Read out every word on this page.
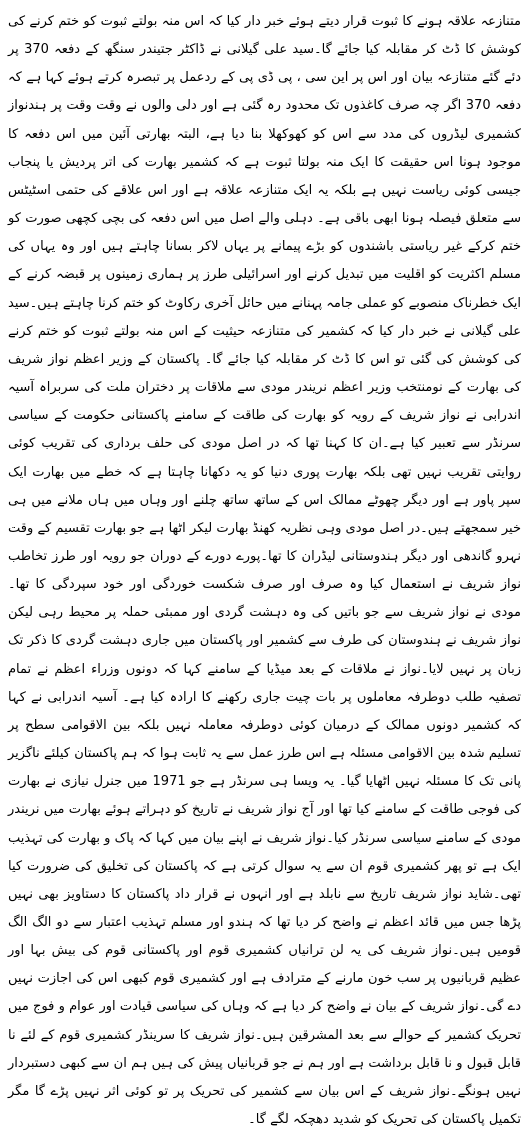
متنازعہ علاقہ ہونے کا ثبوت قرار دیتے ہوئے خبر دار کیا کہ اس منہ بولتے ثبوت کو ختم کرنے کی کوشش کا ڈٹ کر مقابلہ کیا جائے گا۔سید علی گیلانی نے ڈاکٹر جتیندر سنگھ کے دفعہ 370 پر دئے گئے متنازعہ بیان اور اس پر این سی ، پی ڈی پی کے ردعمل پر تبصرہ کرتے ہوئے کہا ہے کہ دفعہ 370 اگر چہ صرف کاغذوں تک محدود رہ گئی ہے اور دلی والوں نے وقت وقت پر ہندنواز کشمیری لیڈروں کی مدد سے اس کو کھوکھلا بنا دیا ہے، البتہ بھارتی آئین میں اس دفعہ کا موجود ہونا اس حقیقت کا ایک منہ بولتا ثبوت ہے کہ کشمیر بھارت کی اتر پردیش یا پنجاب جیسی کوئی ریاست نہیں ہے بلکہ یہ ایک متنازعہ علاقہ ہے اور اس علاقے کی حتمی اسٹیٹس سے متعلق فیصلہ ہونا ابھی باقی ہے۔ دہلی والے اصل میں اس دفعہ کی بچی کچھی صورت کو ختم کرکے غیر ریاستی باشندوں کو بڑے پیمانے پر یہاں لاکر بسانا چاہتے ہیں اور وہ یہاں کی مسلم اکثریت کو اقلیت میں تبدیل کرنے اور اسرائیلی طرز پر ہماری زمینوں پر قبضہ کرنے کے ایک خطرناک منصوبے کو عملی جامہ پہنانے میں حائل آخری رکاوٹ کو ختم کرنا چاہتے ہیں۔سید علی گیلانی نے خبر دار کیا کہ کشمیر کی متنازعہ حیثیت کے اس منہ بولتے ثبوت کو ختم کرنے کی کوشش کی گئی تو اس کا ڈٹ کر مقابلہ کیا جائے گا۔ پاکستان کے وزیر اعظم نواز شریف کی بھارت کے نومنتخب وزیر اعظم نریندر مودی سے ملاقات پر دختران ملت کی سربراہ آسیہ اندرابی نے نواز شریف کے رویہ کو بھارت کی طاقت کے سامنے پاکستانی حکومت کے سیاسی سرنڈر سے تعبیر کیا ہے۔ان کا کہنا تھا کہ در اصل مودی کی حلف برداری کی تقریب کوئی روایتی تقریب نہیں تھی بلکہ بھارت پوری دنیا کو یہ دکھانا چاہتا ہے کہ خطے میں بھارت ایک سپر پاور ہے اور دیگر چھوٹے ممالک اس کے ساتھ ساتھ چلنے اور وہاں میں ہاں ملانے میں ہی خیر سمجھتے ہیں۔در اصل مودی وہی نظریہ کھنڈ بھارت لیکر اٹھا ہے جو بھارت تقسیم کے وقت نہرو گاندھی اور دیگر ہندوستانی لیڈران کا تھا۔پورے دورے کے دوران جو رویہ اور طرز تخاطب نواز شریف نے استعمال کیا وہ صرف اور صرف شکست خوردگی اور خود سپردگی کا تھا۔ مودی نے نواز شریف سے جو باتیں کی وہ دہشت گردی اور ممبئی حملہ پر محیط رہی لیکن نواز شریف نے ہندوستان کی طرف سے کشمیر اور پاکستان میں جاری دہشت گردی کا ذکر تک زبان پر نہیں لایا۔نواز نے ملاقات کے بعد میڈیا کے سامنے کہا کہ دونوں وزراء اعظم نے تمام تصفیہ طلب دوطرفہ معاملوں پر بات چیت جاری رکھنے کا ارادہ کیا ہے۔ آسیہ اندرابی نے کہا کہ کشمیر دونوں ممالک کے درمیان کوئی دوطرفہ معاملہ نہیں بلکہ بین الاقوامی سطح پر تسلیم شدہ بین الاقوامی مسئلہ ہے اس طرز عمل سے یہ ثابت ہوا کہ ہم پاکستان کیلئے ناگزیر پانی تک کا مسئلہ نہیں اٹھایا گیا۔ یہ ویسا ہی سرنڈر ہے جو 1971 میں جنرل نیازی نے بھارت کی فوجی طاقت کے سامنے کیا تھا اور آج نواز شریف نے تاریخ کو دہراتے ہوئے بھارت میں نریندر مودی کے سامنے سیاسی سرنڈر کیا۔نواز شریف نے اپنے بیان میں کہا کہ پاک و بھارت کی تہذیب ایک ہے تو پھر کشمیری قوم ان سے یہ سوال کرتی ہے کہ پاکستان کی تخلیق کی ضرورت کیا تھی۔شاید نواز شریف تاریخ سے نابلد ہے اور انہوں نے قرار داد پاکستان کا دستاویز بھی نہیں پڑھا جس میں قائد اعظم نے واضح کر دیا تھا کہ ہندو اور مسلم تہذیب اعتبار سے دو الگ الگ قومیں ہیں۔نواز شریف کی یہ لن ترانیاں کشمیری قوم اور پاکستانی قوم کی بیش بہا اور عظیم قربانیوں پر سب خون مارنے کے مترادف ہے اور کشمیری قوم کبھی اس کی اجازت نہیں دے گی۔نواز شریف کے بیان نے واضح کر دیا ہے کہ وہاں کی سیاسی قیادت اور عوام و فوج میں تحریک کشمیر کے حوالے سے بعد المشرقین ہیں۔نواز شریف کا سرینڈر کشمیری قوم کے لئے نا قابل قبول و نا قابل برداشت ہے اور ہم نے جو قربانیاں پیش کی ہیں ہم ان سے کبھی دستبردار نہیں ہونگے۔نواز شریف کے اس بیان سے کشمیر کی تحریک پر تو کوئی اثر نہیں پڑے گا مگر تکمیل پاکستان کی تحریک کو شدید دھچکہ لگے گا۔
